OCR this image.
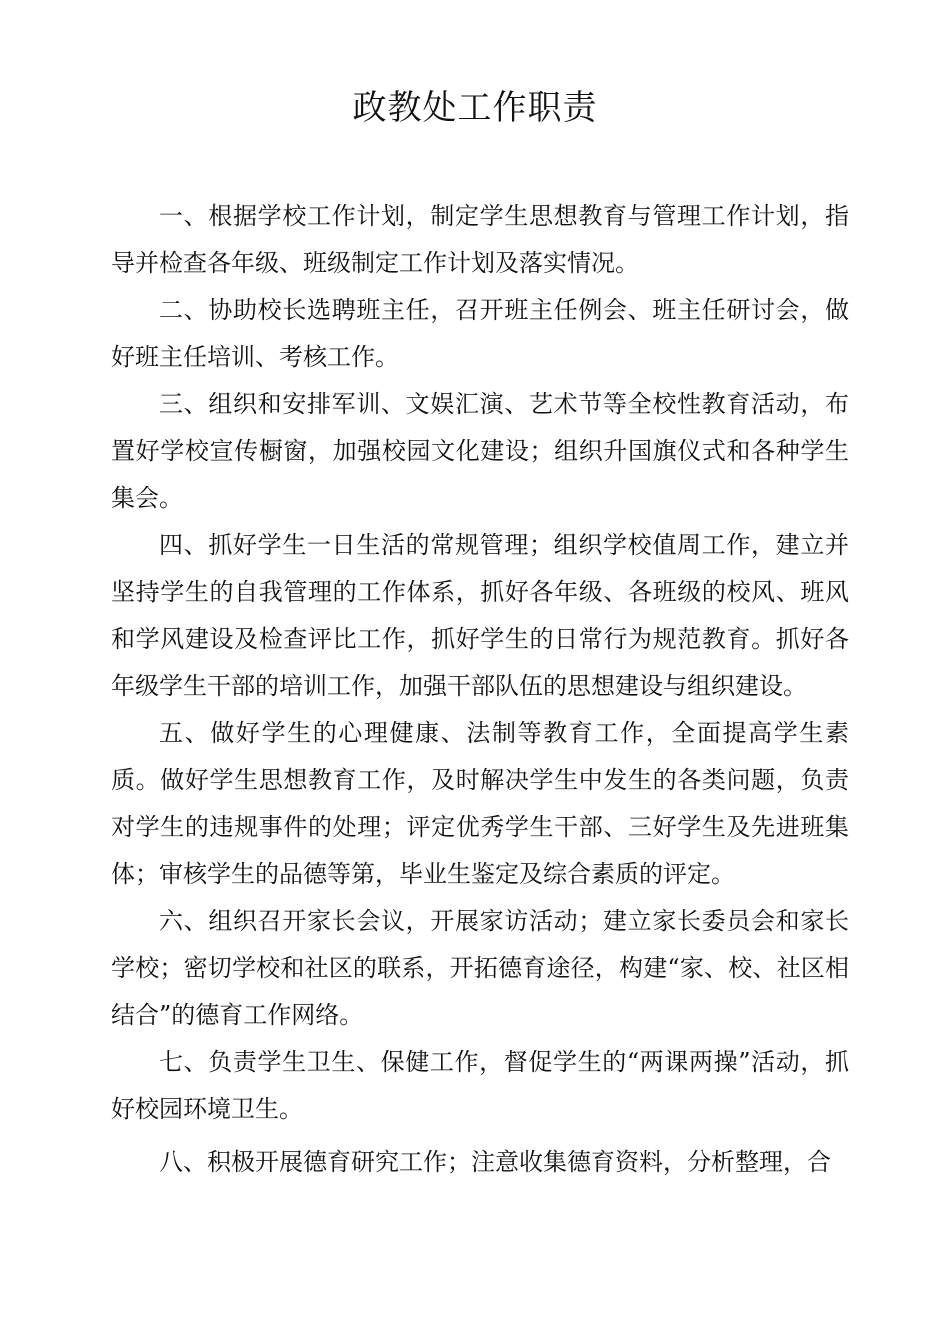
政教处工作职责

一、根据学校工作计划，制定学生思想教育与管理工作计划，指导并检查各年级、班级制定工作计划及落实情况。

二、协助校长选聘班主任，召开班主任例会、班主任研讨会，做好班主任培训、考核工作。

三、组织和安排军训、文娱汇演、艺术节等全校性教育活动，布置好学校宣传橱窗，加强校园文化建设；组织升国旗仪式和各种学生集会。

四、抓好学生一日生活的常规管理；组织学校值周工作，建立并坚持学生的自我管理的工作体系，抓好各年级、各班级的校风、班风和学风建设及检查评比工作，抓好学生的日常行为规范教育。抓好各年级学生干部的培训工作，加强干部队伍的思想建设与组织建设。

五、做好学生的心理健康、法制等教育工作，全面提高学生素质。做好学生思想教育工作，及时解决学生中发生的各类问题，负责对学生的违规事件的处理；评定优秀学生干部、三好学生及先进班集体；审核学生的品德等第，毕业生鉴定及综合素质的评定。

六、组织召开家长会议，开展家访活动；建立家长委员会和家长学校；密切学校和社区的联系，开拓德育途径，构建“家、校、社区相结合”的德育工作网络。

七、负责学生卫生、保健工作，督促学生的“两课两操”活动，抓好校园环境卫生。

八、积极开展德育研究工作；注意收集德育资料，分析整理，合
